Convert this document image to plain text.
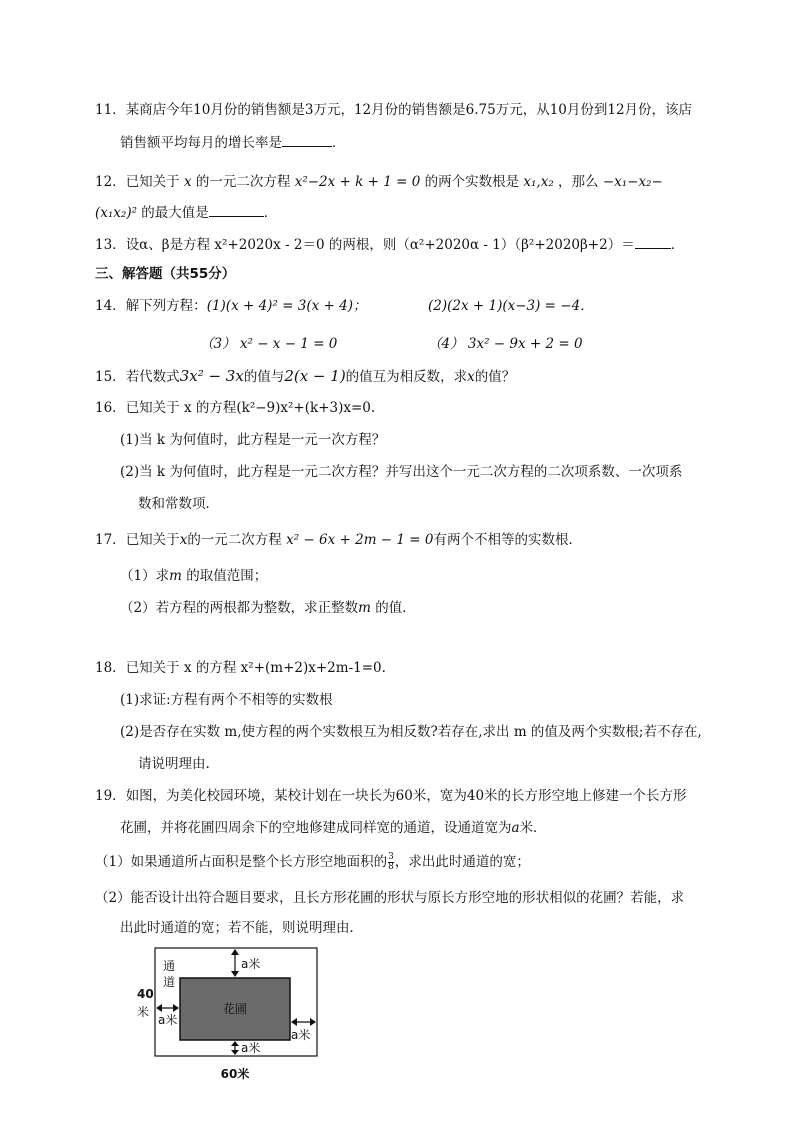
11．某商店今年10月份的销售额是3万元，12月份的销售额是6.75万元，从10月份到12月份，该店
销售额平均每月的增长率是	．
12．已知关于 x 的一元二次方程 x²−2x + k + 1 = 0 的两个实数根是 x₁,x₂ ，那么 −x₁−x₂−
(x₁x₂)² 的最大值是	．
13．设α、β是方程 x²+2020x - 2＝0 的两根，则（α²+2020α - 1）（β²+2020β+2）＝	．
三、解答题（共55分）
14．解下列方程：(1)(x + 4)² = 3(x + 4)；	(2)(2x + 1)(x−3) = −4．
（3） x² − x − 1 = 0	（4） 3x² − 9x + 2 = 0
15．若代数式3x² − 3x的值与2(x − 1)的值互为相反数，求x的值？
16．已知关于 x 的方程(k²−9)x²+(k+3)x=0.
(1)当 k 为何值时，此方程是一元一次方程？
(2)当 k 为何值时，此方程是一元二次方程？并写出这个一元二次方程的二次项系数、一次项系
数和常数项．
17．已知关于x的一元二次方程 x² − 6x + 2m − 1 = 0有两个不相等的实数根．
（1）求m 的取值范围；
（2）若方程的两根都为整数，求正整数m 的值．
18．已知关于 x 的方程 x²+(m+2)x+2m-1=0.
(1)求证:方程有两个不相等的实数根
(2)是否存在实数 m,使方程的两个实数根互为相反数?若存在,求出 m 的值及两个实数根;若不存在,
请说明理由.
19．如图，为美化校园环境，某校计划在一块长为60米，宽为40米的长方形空地上修建一个长方形
花圃，并将花圃四周余下的空地修建成同样宽的通道，设通道宽为a米．
（1）如果通道所占面积是整个长方形空地面积的 $\frac{3}{8}$ ，求出此时通道的宽；
（2）能否设计出符合题目要求，且长方形花圃的形状与原长方形空地的形状相似的花圃？若能，求
出此时通道的宽；若不能，则说明理由．
花圃
通
道
40
米
a米
a米
a米
a米
60米
